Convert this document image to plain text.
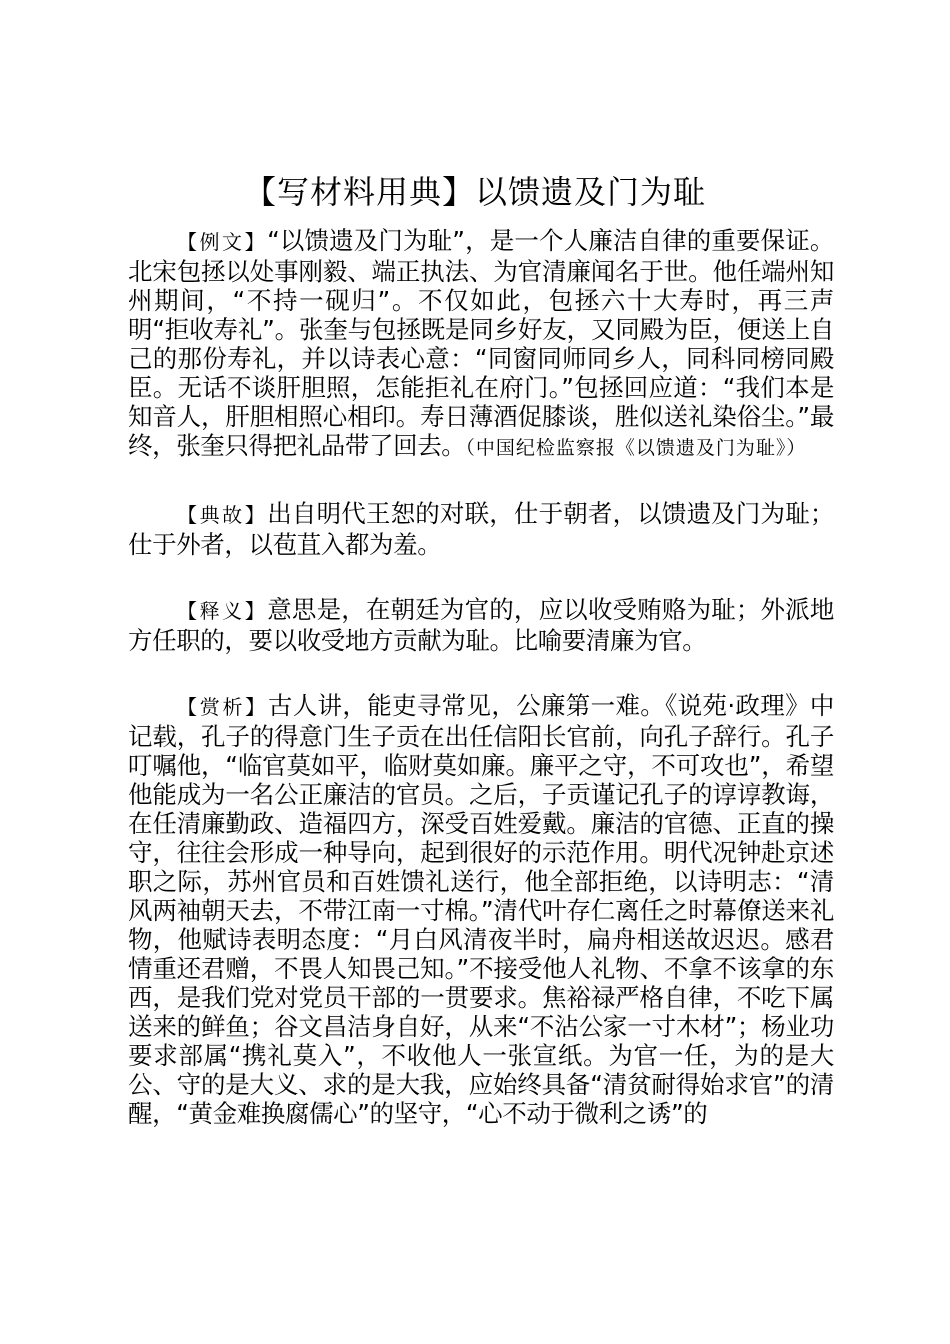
【写材料用典】以馈遗及门为耻

【例文】“以馈遗及门为耻”，是一个人廉洁自律的重要保证。北宋包拯以处事刚毅、端正执法、为官清廉闻名于世。他任端州知州期间，“不持一砚归”。不仅如此，包拯六十大寿时，再三声明“拒收寿礼”。张奎与包拯既是同乡好友，又同殿为臣，便送上自己的那份寿礼，并以诗表心意：“同窗同师同乡人，同科同榜同殿臣。无话不谈肝胆照，怎能拒礼在府门。”包拯回应道：“我们本是知音人，肝胆相照心相印。寿日薄酒促膝谈，胜似送礼染俗尘。”最终，张奎只得把礼品带了回去。（中国纪检监察报《以馈遗及门为耻》）

【典故】出自明代王恕的对联，仕于朝者，以馈遗及门为耻；仕于外者，以苞苴入都为羞。

【释义】意思是，在朝廷为官的，应以收受贿赂为耻；外派地方任职的，要以收受地方贡献为耻。比喻要清廉为官。

【赏析】古人讲，能吏寻常见，公廉第一难。《说苑·政理》中记载，孔子的得意门生子贡在出任信阳长官前，向孔子辞行。孔子叮嘱他，“临官莫如平，临财莫如廉。廉平之守，不可攻也”，希望他能成为一名公正廉洁的官员。之后，子贡谨记孔子的谆谆教诲，在任清廉勤政、造福四方，深受百姓爱戴。廉洁的官德、正直的操守，往往会形成一种导向，起到很好的示范作用。明代况钟赴京述职之际，苏州官员和百姓馈礼送行，他全部拒绝，以诗明志：“清风两袖朝天去，不带江南一寸棉。”清代叶存仁离任之时幕僚送来礼物，他赋诗表明态度：“月白风清夜半时，扁舟相送故迟迟。感君情重还君赠，不畏人知畏己知。”不接受他人礼物、不拿不该拿的东西，是我们党对党员干部的一贯要求。焦裕禄严格自律，不吃下属送来的鲜鱼；谷文昌洁身自好，从来“不沾公家一寸木材”；杨业功要求部属“携礼莫入”，不收他人一张宣纸。为官一任，为的是大公、守的是大义、求的是大我，应始终具备“清贫耐得始求官”的清醒，“黄金难换腐儒心”的坚守，“心不动于微利之诱”的
